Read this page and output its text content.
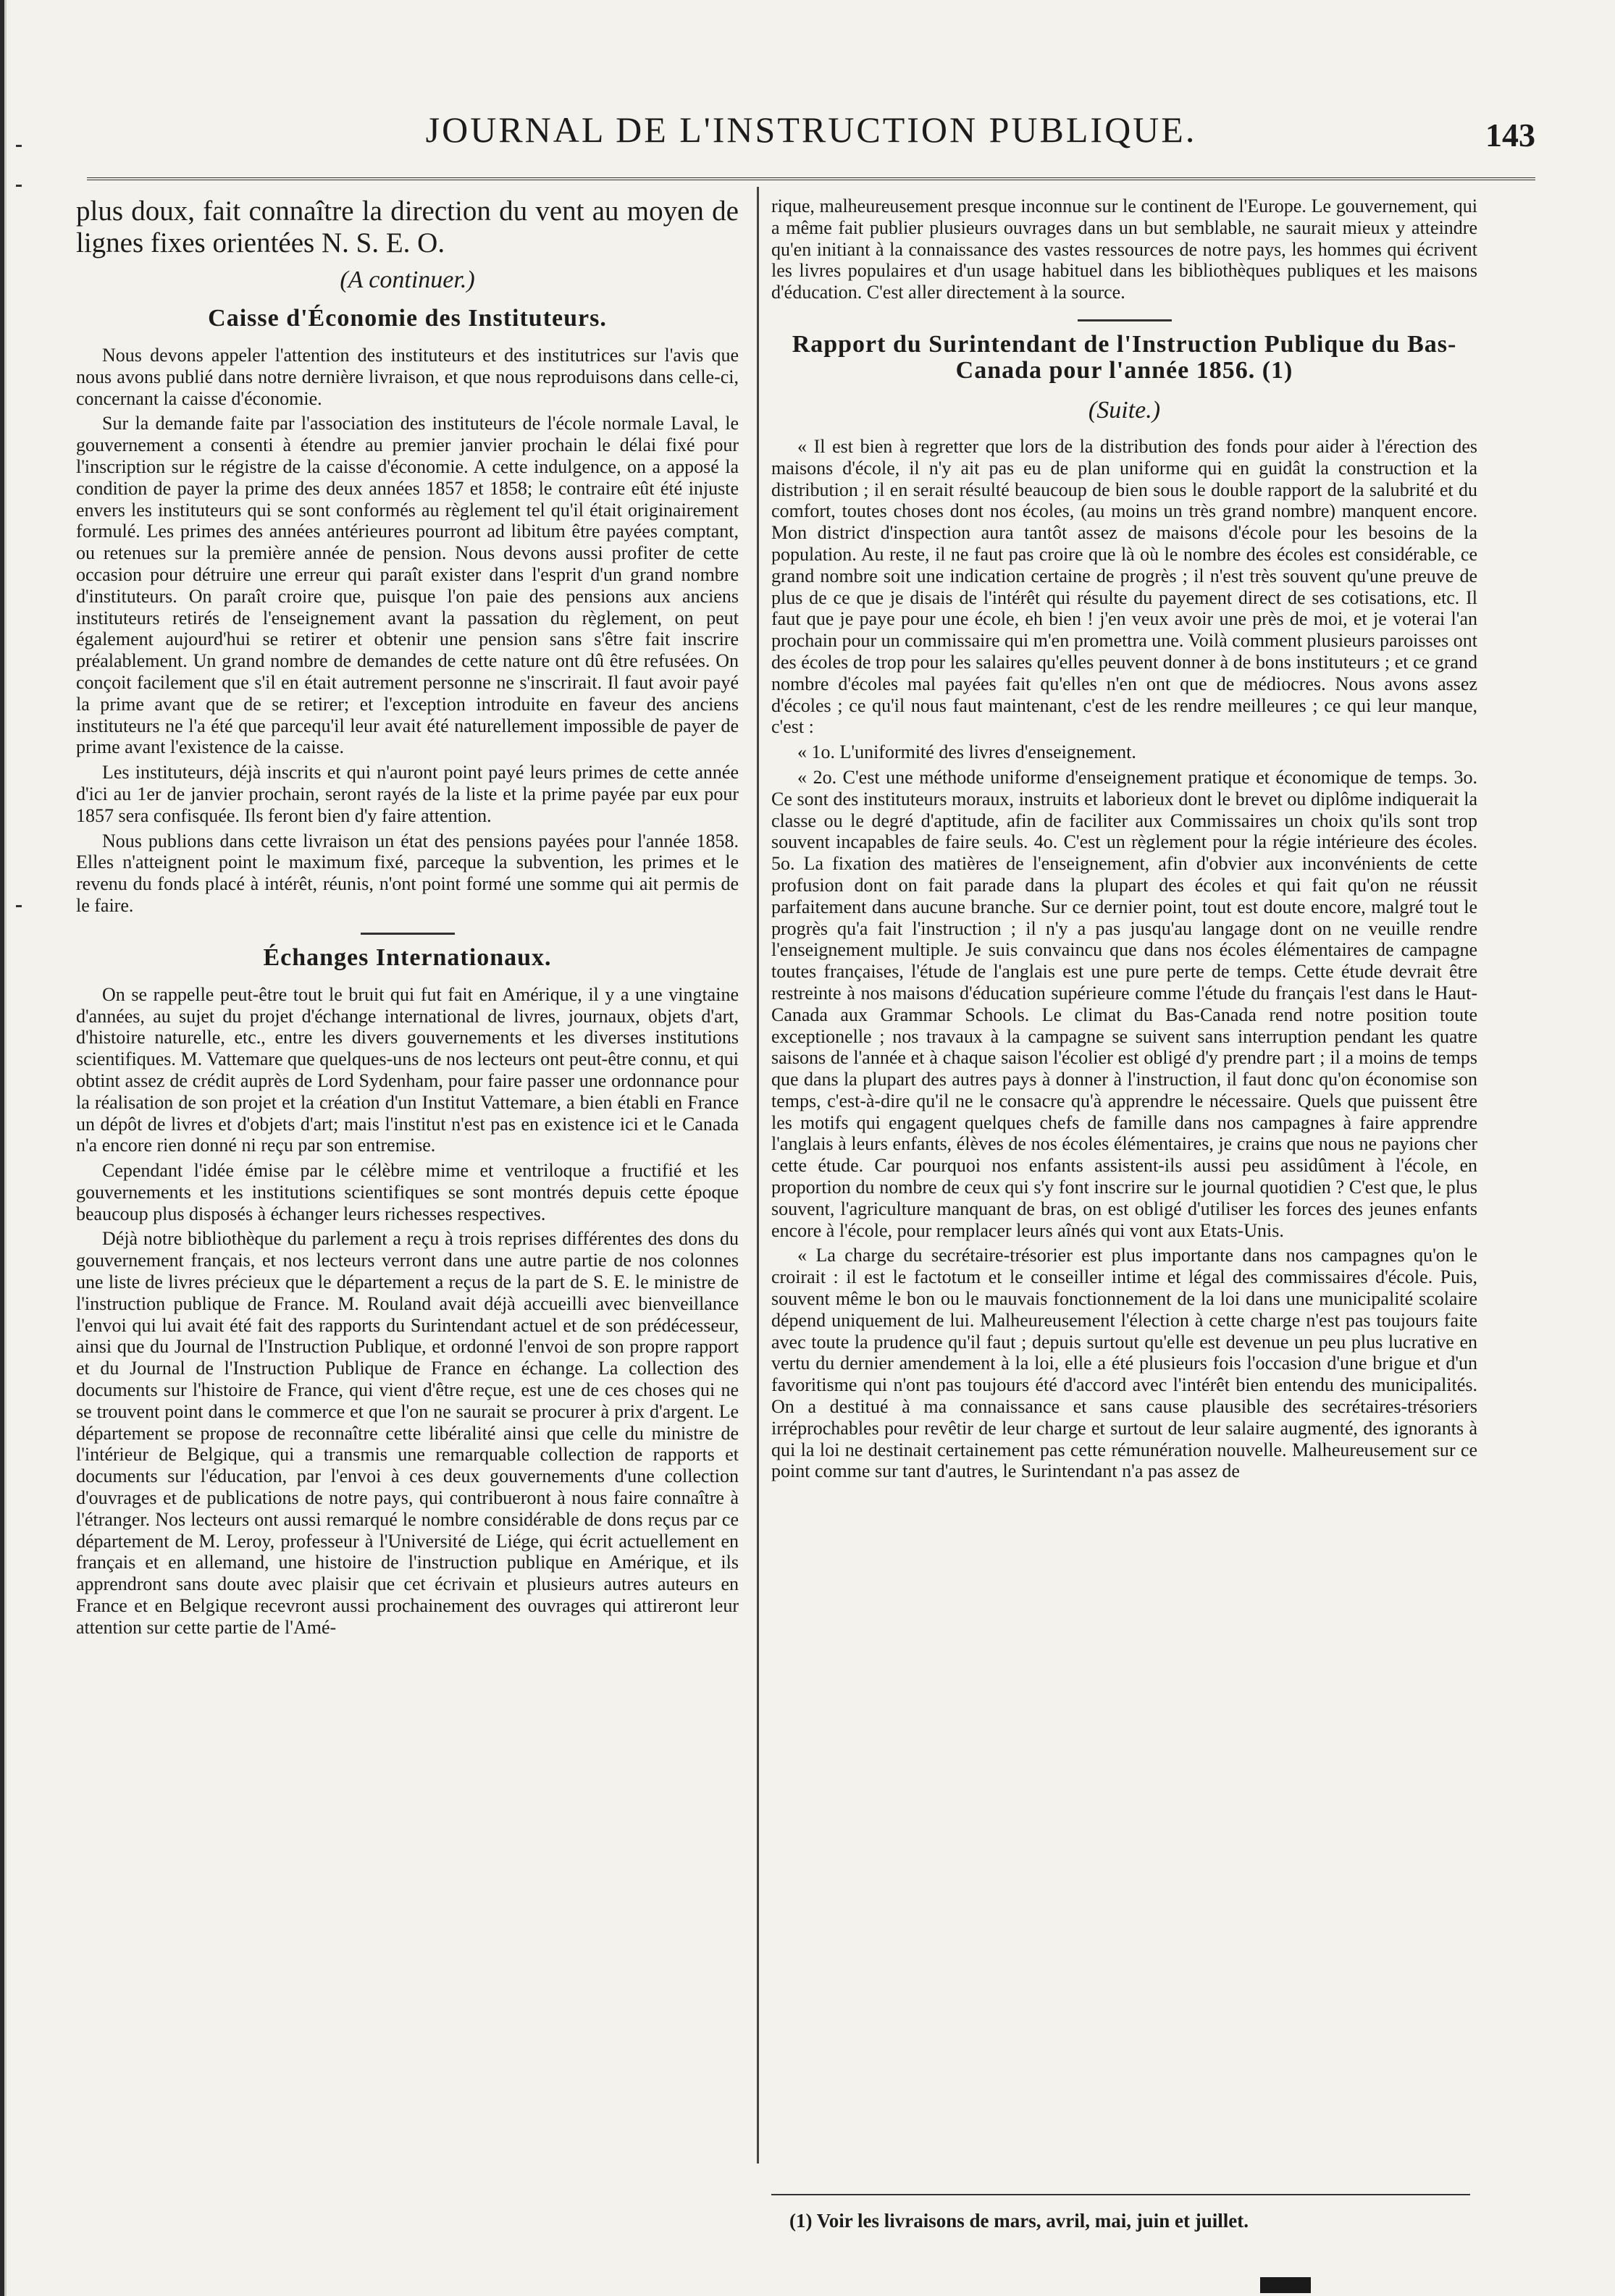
JOURNAL DE L'INSTRUCTION PUBLIQUE.	143

plus doux, fait connaître la direction du vent au moyen de lignes fixes orientées N. S. E. O.

(A continuer.)
Caisse d'Économie des Instituteurs.

Nous devons appeler l'attention des instituteurs et des institutrices sur l'avis que nous avons publié dans notre dernière livraison, et que nous reproduisons dans celle-ci, concernant la caisse d'économie.

Sur la demande faite par l'association des instituteurs de l'école normale Laval, le gouvernement a consenti à étendre au premier janvier prochain le délai fixé pour l'inscription sur le régistre de la caisse d'économie. A cette indulgence, on a apposé la condition de payer la prime des deux années 1857 et 1858; le contraire eût été injuste envers les instituteurs qui se sont conformés au règlement tel qu'il était originairement formulé. Les primes des années antérieures pourront ad libitum être payées comptant, ou retenues sur la première année de pension. Nous devons aussi profiter de cette occasion pour détruire une erreur qui paraît exister dans l'esprit d'un grand nombre d'instituteurs. On paraît croire que, puisque l'on paie des pensions aux anciens instituteurs retirés de l'enseignement avant la passation du règlement, on peut également aujourd'hui se retirer et obtenir une pension sans s'être fait inscrire préalablement. Un grand nombre de demandes de cette nature ont dû être refusées. On conçoit facilement que s'il en était autrement personne ne s'inscrirait. Il faut avoir payé la prime avant que de se retirer; et l'exception introduite en faveur des anciens instituteurs ne l'a été que parcequ'il leur avait été naturellement impossible de payer de prime avant l'existence de la caisse.

Les instituteurs, déjà inscrits et qui n'auront point payé leurs primes de cette année d'ici au 1er de janvier prochain, seront rayés de la liste et la prime payée par eux pour 1857 sera confisquée. Ils feront bien d'y faire attention.

Nous publions dans cette livraison un état des pensions payées pour l'année 1858. Elles n'atteignent point le maximum fixé, parceque la subvention, les primes et le revenu du fonds placé à intérêt, réunis, n'ont point formé une somme qui ait permis de le faire.

Échanges Internationaux.

On se rappelle peut-être tout le bruit qui fut fait en Amérique, il y a une vingtaine d'années, au sujet du projet d'échange international de livres, journaux, objets d'art, d'histoire naturelle, etc., entre les divers gouvernements et les diverses institutions scientifiques. M. Vattemare que quelques-uns de nos lecteurs ont peut-être connu, et qui obtint assez de crédit auprès de Lord Sydenham, pour faire passer une ordonnance pour la réalisation de son projet et la création d'un Institut Vattemare, a bien établi en France un dépôt de livres et d'objets d'art; mais l'institut n'est pas en existence ici et le Canada n'a encore rien donné ni reçu par son entremise.

Cependant l'idée émise par le célèbre mime et ventriloque a fructifié et les gouvernements et les institutions scientifiques se sont montrés depuis cette époque beaucoup plus disposés à échanger leurs richesses respectives.

Déjà notre bibliothèque du parlement a reçu à trois reprises différentes des dons du gouvernement français, et nos lecteurs verront dans une autre partie de nos colonnes une liste de livres précieux que le département a reçus de la part de S. E. le ministre de l'instruction publique de France. M. Rouland avait déjà accueilli avec bienveillance l'envoi qui lui avait été fait des rapports du Surintendant actuel et de son prédécesseur, ainsi que du Journal de l'Instruction Publique, et ordonné l'envoi de son propre rapport et du Journal de l'Instruction Publique de France en échange. La collection des documents sur l'histoire de France, qui vient d'être reçue, est une de ces choses qui ne se trouvent point dans le commerce et que l'on ne saurait se procurer à prix d'argent. Le département se propose de reconnaître cette libéralité ainsi que celle du ministre de l'intérieur de Belgique, qui a transmis une remarquable collection de rapports et documents sur l'éducation, par l'envoi à ces deux gouvernements d'une collection d'ouvrages et de publications de notre pays, qui contribueront à nous faire connaître à l'étranger. Nos lecteurs ont aussi remarqué le nombre considérable de dons reçus par ce département de M. Leroy, professeur à l'Université de Liége, qui écrit actuellement en français et en allemand, une histoire de l'instruction publique en Amérique, et ils apprendront sans doute avec plaisir que cet écrivain et plusieurs autres auteurs en France et en Belgique recevront aussi prochainement des ouvrages qui attireront leur attention sur cette partie de l'Amé-

rique, malheureusement presque inconnue sur le continent de l'Europe. Le gouvernement, qui a même fait publier plusieurs ouvrages dans un but semblable, ne saurait mieux y atteindre qu'en initiant à la connaissance des vastes ressources de notre pays, les hommes qui écrivent les livres populaires et d'un usage habituel dans les bibliothèques publiques et les maisons d'éducation. C'est aller directement à la source.

Rapport du Surintendant de l'Instruction Publique du Bas-Canada pour l'année 1856. (1)
(Suite.)

« Il est bien à regretter que lors de la distribution des fonds pour aider à l'érection des maisons d'école, il n'y ait pas eu de plan uniforme qui en guidât la construction et la distribution ; il en serait résulté beaucoup de bien sous le double rapport de la salubrité et du comfort, toutes choses dont nos écoles, (au moins un très grand nombre) manquent encore. Mon district d'inspection aura tantôt assez de maisons d'école pour les besoins de la population. Au reste, il ne faut pas croire que là où le nombre des écoles est considérable, ce grand nombre soit une indication certaine de progrès ; il n'est très souvent qu'une preuve de plus de ce que je disais de l'intérêt qui résulte du payement direct de ses cotisations, etc. Il faut que je paye pour une école, eh bien ! j'en veux avoir une près de moi, et je voterai l'an prochain pour un commissaire qui m'en promettra une. Voilà comment plusieurs paroisses ont des écoles de trop pour les salaires qu'elles peuvent donner à de bons instituteurs ; et ce grand nombre d'écoles mal payées fait qu'elles n'en ont que de médiocres. Nous avons assez d'écoles ; ce qu'il nous faut maintenant, c'est de les rendre meilleures ; ce qui leur manque, c'est :

« 1o. L'uniformité des livres d'enseignement.

« 2o. C'est une méthode uniforme d'enseignement pratique et économique de temps. 3o. Ce sont des instituteurs moraux, instruits et laborieux dont le brevet ou diplôme indiquerait la classe ou le degré d'aptitude, afin de faciliter aux Commissaires un choix qu'ils sont trop souvent incapables de faire seuls. 4o. C'est un règlement pour la régie intérieure des écoles. 5o. La fixation des matières de l'enseignement, afin d'obvier aux inconvénients de cette profusion dont on fait parade dans la plupart des écoles et qui fait qu'on ne réussit parfaitement dans aucune branche. Sur ce dernier point, tout est doute encore, malgré tout le progrès qu'a fait l'instruction ; il n'y a pas jusqu'au langage dont on ne veuille rendre l'enseignement multiple. Je suis convaincu que dans nos écoles élémentaires de campagne toutes françaises, l'étude de l'anglais est une pure perte de temps. Cette étude devrait être restreinte à nos maisons d'éducation supérieure comme l'étude du français l'est dans le Haut-Canada aux Grammar Schools. Le climat du Bas-Canada rend notre position toute exceptionelle ; nos travaux à la campagne se suivent sans interruption pendant les quatre saisons de l'année et à chaque saison l'écolier est obligé d'y prendre part ; il a moins de temps que dans la plupart des autres pays à donner à l'instruction, il faut donc qu'on économise son temps, c'est-à-dire qu'il ne le consacre qu'à apprendre le nécessaire. Quels que puissent être les motifs qui engagent quelques chefs de famille dans nos campagnes à faire apprendre l'anglais à leurs enfants, élèves de nos écoles élémentaires, je crains que nous ne payions cher cette étude. Car pourquoi nos enfants assistent-ils aussi peu assidûment à l'école, en proportion du nombre de ceux qui s'y font inscrire sur le journal quotidien ? C'est que, le plus souvent, l'agriculture manquant de bras, on est obligé d'utiliser les forces des jeunes enfants encore à l'école, pour remplacer leurs aînés qui vont aux Etats-Unis.

« La charge du secrétaire-trésorier est plus importante dans nos campagnes qu'on le croirait : il est le factotum et le conseiller intime et légal des commissaires d'école. Puis, souvent même le bon ou le mauvais fonctionnement de la loi dans une municipalité scolaire dépend uniquement de lui. Malheureusement l'élection à cette charge n'est pas toujours faite avec toute la prudence qu'il faut ; depuis surtout qu'elle est devenue un peu plus lucrative en vertu du dernier amendement à la loi, elle a été plusieurs fois l'occasion d'une brigue et d'un favoritisme qui n'ont pas toujours été d'accord avec l'intérêt bien entendu des municipalités. On a destitué à ma connaissance et sans cause plausible des secrétaires-trésoriers irréprochables pour revêtir de leur charge et surtout de leur salaire augmenté, des ignorants à qui la loi ne destinait certainement pas cette rémunération nouvelle. Malheureusement sur ce point comme sur tant d'autres, le Surintendant n'a pas assez de

(1) Voir les livraisons de mars, avril, mai, juin et juillet.
